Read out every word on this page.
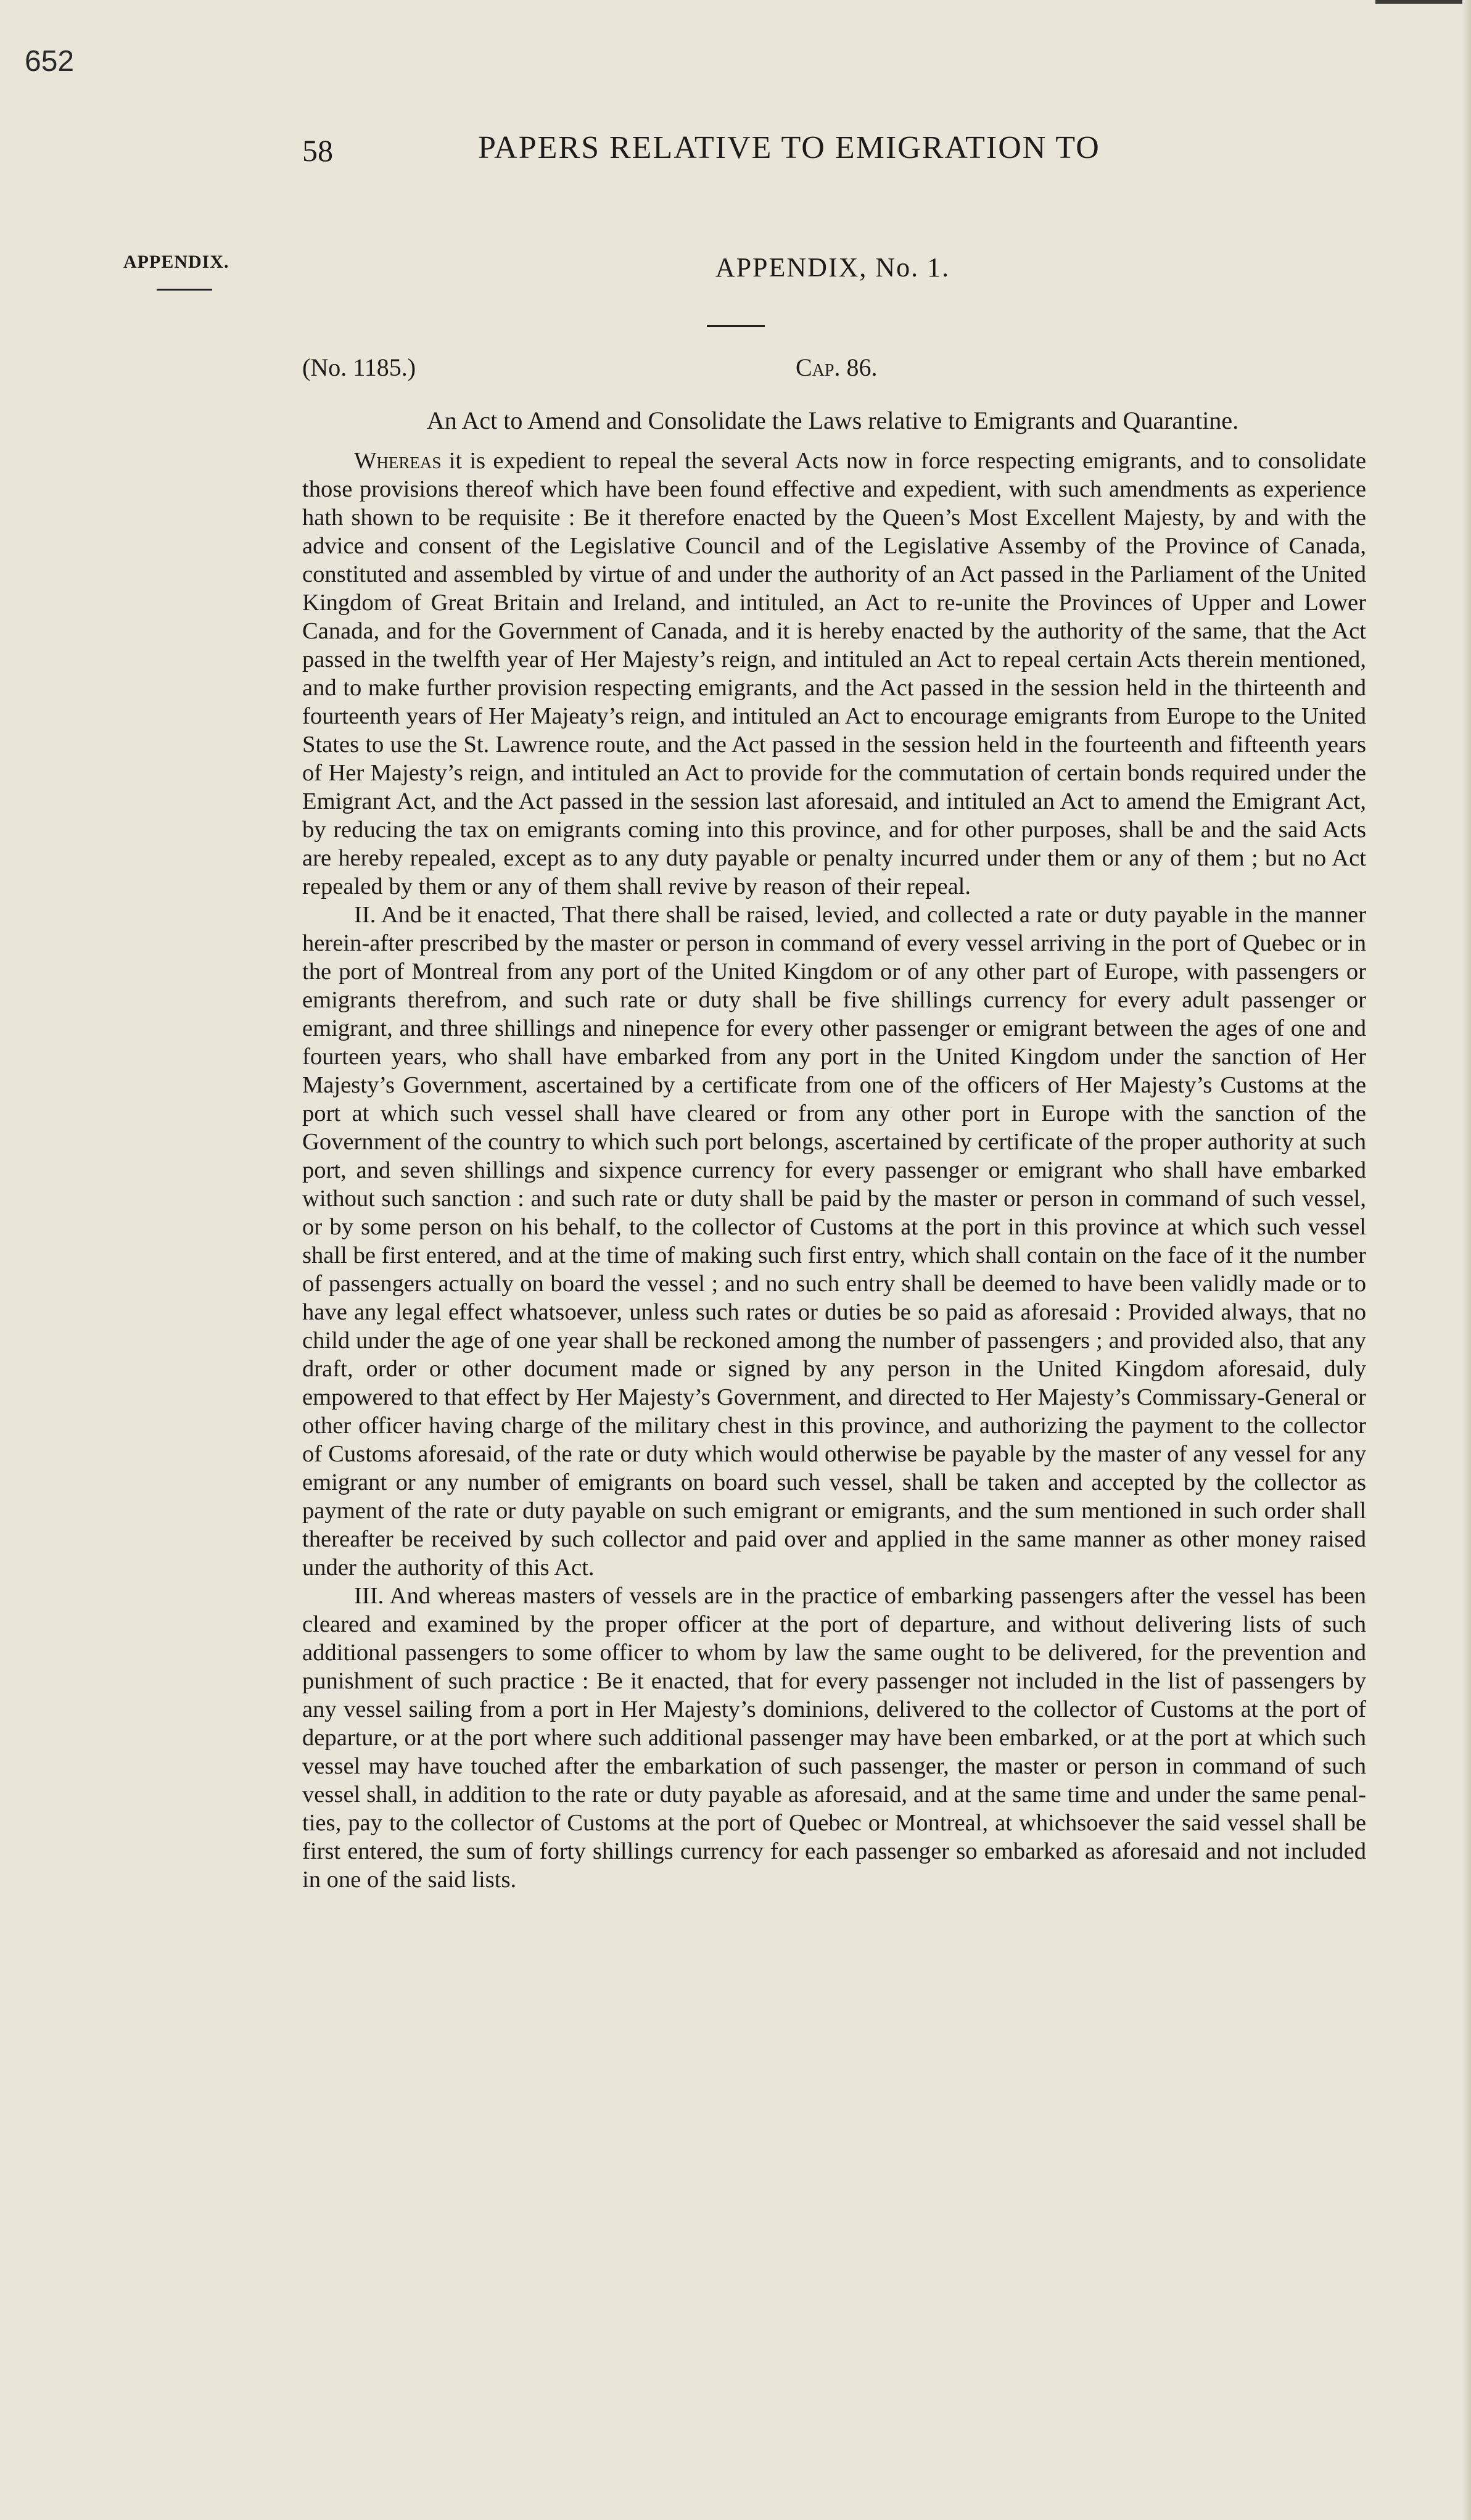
652
58	PAPERS RELATIVE TO EMIGRATION TO
APPENDIX.	APPENDIX, No. 1.
(No. 1185.)	Cap. 86.
An Act to Amend and Consolidate the Laws relative to Emigrants and Quarantine.

Whereas it is expedient to repeal the several Acts now in force respecting emigrants, and to consolidate those provisions thereof which have been found effective and expedient, with such amendments as experience hath shown to be requisite : Be it therefore enacted by the Queen’s Most Excellent Majesty, by and with the advice and consent of the Legislative Council and of the Legislative Assemby of the Province of Canada, constituted and assembled by virtue of and under the authority of an Act passed in the Parliament of the United Kingdom of Great Britain and Ireland, and intituled, an Act to re-unite the Provinces of Upper and Lower Canada, and for the Government of Canada, and it is hereby enacted by the authority of the same, that the Act passed in the twelfth year of Her Majesty’s reign, and intituled an Act to repeal certain Acts therein mentioned, and to make further provision respecting emigrants, and the Act passed in the session held in the thirteenth and fourteenth years of Her Majeaty’s reign, and intituled an Act to encourage emigrants from Europe to the United States to use the St. Lawrence route, and the Act passed in the session held in the fourteenth and fifteenth years of Her Majesty’s reign, and intituled an Act to provide for the commutation of certain bonds required under the Emigrant Act, and the Act passed in the session last aforesaid, and intituled an Act to amend the Emigrant Act, by reducing the tax on emigrants coming into this province, and for other purposes, shall be and the said Acts are hereby repealed, except as to any duty payable or penalty incurred under them or any of them ; but no Act repealed by them or any of them shall revive by reason of their repeal.

II. And be it enacted, That there shall be raised, levied, and collected a rate or duty payable in the manner herein-after prescribed by the master or person in command of every vessel arriving in the port of Quebec or in the port of Montreal from any port of the United Kingdom or of any other part of Europe, with passengers or emigrants therefrom, and such rate or duty shall be five shillings currency for every adult passenger or emigrant, and three shillings and ninepence for every other passenger or emigrant between the ages of one and fourteen years, who shall have embarked from any port in the United Kingdom under the sanction of Her Majesty’s Government, ascertained by a certificate from one of the officers of Her Majesty’s Customs at the port at which such vessel shall have cleared or from any other port in Europe with the sanction of the Government of the country to which such port belongs, ascertained by certificate of the proper authority at such port, and seven shillings and sixpence currency for every passenger or emigrant who shall have embarked without such sanction : and such rate or duty shall be paid by the master or person in command of such vessel, or by some person on his behalf, to the collector of Customs at the port in this province at which such vessel shall be first entered, and at the time of making such first entry, which shall contain on the face of it the number of passengers actually on board the vessel ; and no such entry shall be deemed to have been validly made or to have any legal effect whatsoever, unless such rates or duties be so paid as aforesaid : Provided always, that no child under the age of one year shall be reckoned among the number of passengers ; and provided also, that any draft, order or other document made or signed by any person in the United Kingdom aforesaid, duly empowered to that effect by Her Majesty’s Government, and directed to Her Majesty’s Commissary-General or other officer having charge of the military chest in this province, and authorizing the payment to the collector of Customs aforesaid, of the rate or duty which would otherwise be payable by the master of any vessel for any emigrant or any number of emigrants on board such vessel, shall be taken and accepted by the collector as payment of the rate or duty payable on such emigrant or emigrants, and the sum mentioned in such order shall thereafter be received by such collector and paid over and applied in the same manner as other money raised under the authority of this Act.

III. And whereas masters of vessels are in the practice of embarking passengers after the vessel has been cleared and examined by the proper officer at the port of departure, and without delivering lists of such additional passengers to some officer to whom by law the same ought to be delivered, for the prevention and punishment of such practice : Be it enacted, that for every passenger not included in the list of passengers by any vessel sailing from a port in Her Majesty’s dominions, delivered to the collector of Customs at the port of departure, or at the port where such additional passenger may have been embarked, or at the port at which such vessel may have touched after the embarkation of such passenger, the master or person in command of such vessel shall, in addition to the rate or duty payable as aforesaid, and at the same time and under the same penalties, pay to the collector of Customs at the port of Quebec or Montreal, at whichsoever the said vessel shall be first entered, the sum of forty shillings currency for each passenger so embarked as aforesaid and not included in one of the said lists.
